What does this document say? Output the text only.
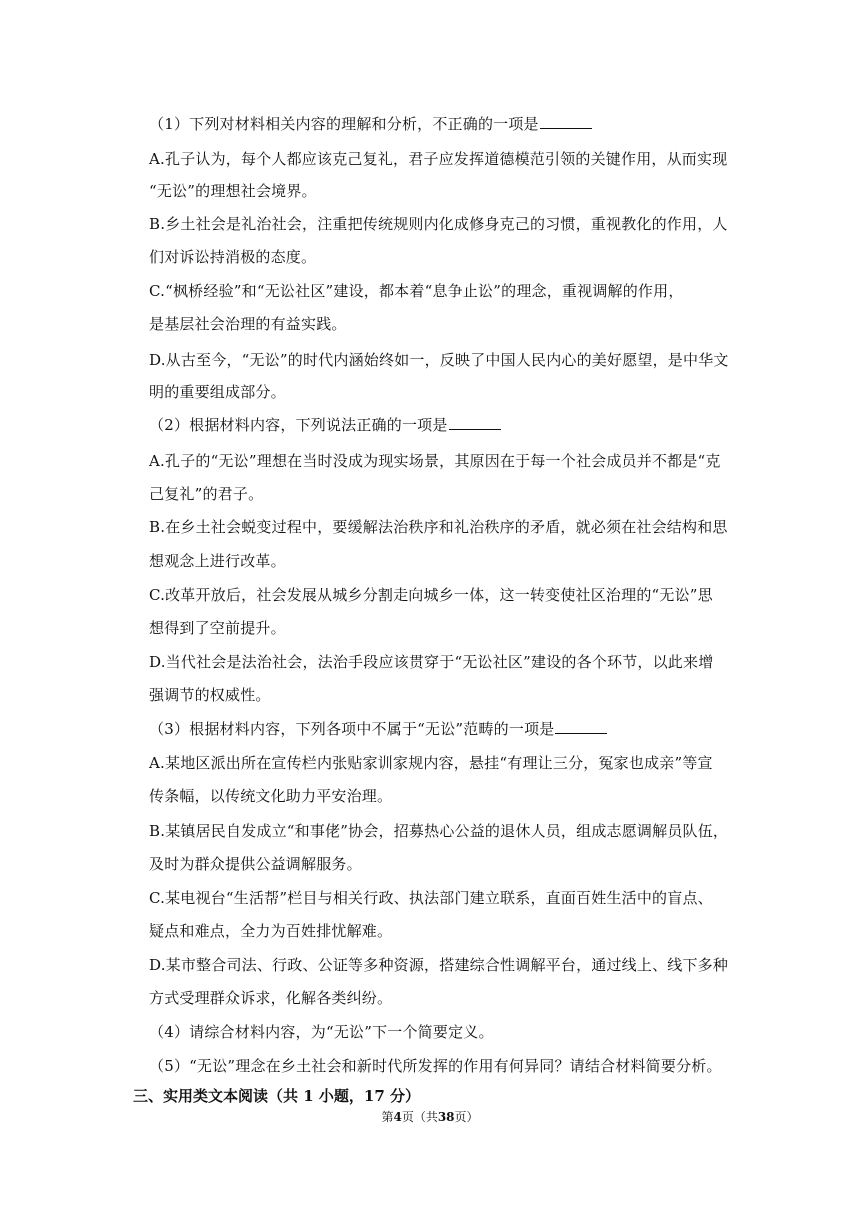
（1）下列对材料相关内容的理解和分析，不正确的一项是
A.孔子认为，每个人都应该克己复礼，君子应发挥道德模范引领的关键作用，从而实现
“无讼”的理想社会境界。
B.乡土社会是礼治社会，注重把传统规则内化成修身克己的习惯，重视教化的作用，人
们对诉讼持消极的态度。
C.“枫桥经验”和“无讼社区”建设，都本着“息争止讼”的理念，重视调解的作用，
是基层社会治理的有益实践。
D.从古至今，“无讼”的时代内涵始终如一，反映了中国人民内心的美好愿望，是中华文
明的重要组成部分。
（2）根据材料内容，下列说法正确的一项是
A.孔子的“无讼”理想在当时没成为现实场景，其原因在于每一个社会成员并不都是“克
己复礼”的君子。
B.在乡土社会蜕变过程中，要缓解法治秩序和礼治秩序的矛盾，就必须在社会结构和思
想观念上进行改革。
C.改革开放后，社会发展从城乡分割走向城乡一体，这一转变使社区治理的“无讼”思
想得到了空前提升。
D.当代社会是法治社会，法治手段应该贯穿于“无讼社区”建设的各个环节，以此来增
强调节的权威性。
（3）根据材料内容，下列各项中不属于“无讼”范畴的一项是
A.某地区派出所在宣传栏内张贴家训家规内容，悬挂“有理让三分，冤家也成亲”等宣
传条幅，以传统文化助力平安治理。
B.某镇居民自发成立“和事佬”协会，招募热心公益的退休人员，组成志愿调解员队伍，
及时为群众提供公益调解服务。
C.某电视台“生活帮”栏目与相关行政、执法部门建立联系，直面百姓生活中的盲点、
疑点和难点，全力为百姓排忧解难。
D.某市整合司法、行政、公证等多种资源，搭建综合性调解平台，通过线上、线下多种
方式受理群众诉求，化解各类纠纷。
（4）请综合材料内容，为“无讼”下一个简要定义。
（5）“无讼”理念在乡土社会和新时代所发挥的作用有何异同？请结合材料简要分析。
三、实用类文本阅读（共 1 小题，17 分）
第4页（共38页）
